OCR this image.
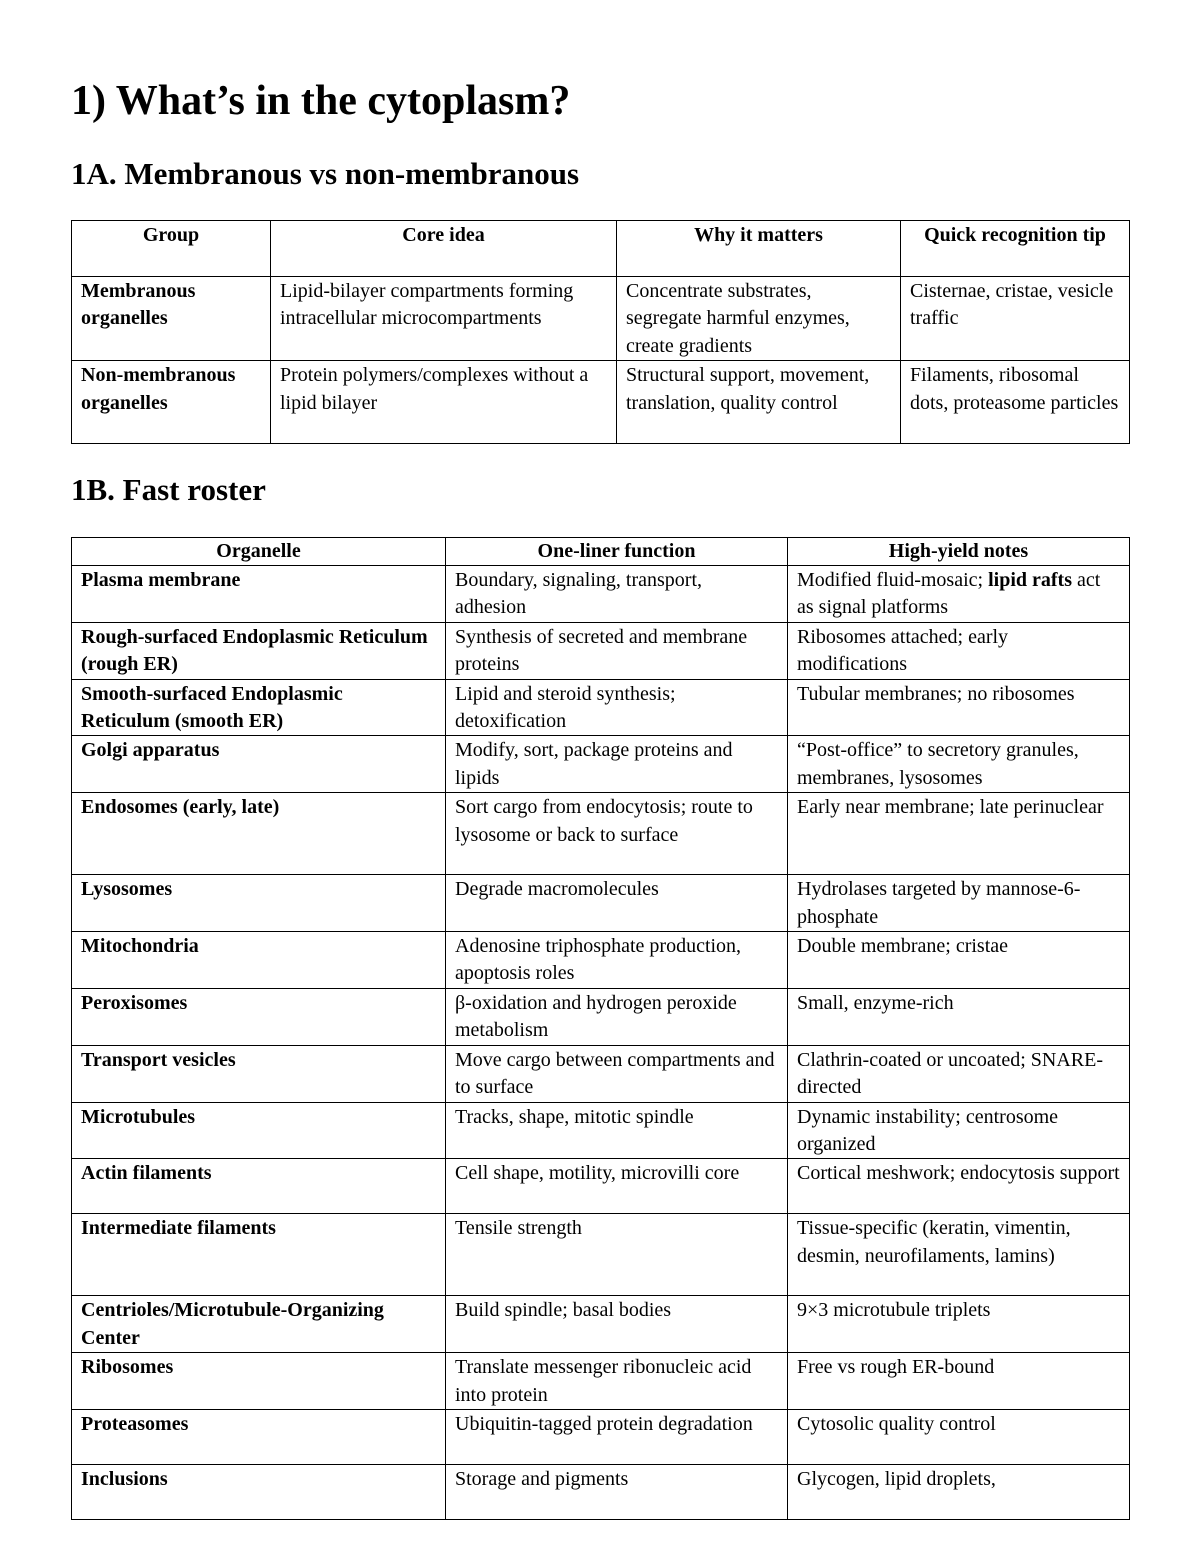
1) What’s in the cytoplasm?
1A. Membranous vs non-membranous
Group	Core idea	Why it matters	Quick recognition tip
Membranous organelles	Lipid-bilayer compartments forming intracellular microcompartments	Concentrate substrates, segregate harmful enzymes, create gradients	Cisternae, cristae, vesicle traffic
Non-membranous organelles	Protein polymers/complexes without a lipid bilayer	Structural support, movement, translation, quality control	Filaments, ribosomal dots, proteasome particles
1B. Fast roster
Organelle	One-liner function	High-yield notes
Plasma membrane	Boundary, signaling, transport, adhesion	Modified fluid-mosaic; lipid rafts act as signal platforms
Rough-surfaced Endoplasmic Reticulum (rough ER)	Synthesis of secreted and membrane proteins	Ribosomes attached; early modifications
Smooth-surfaced Endoplasmic Reticulum (smooth ER)	Lipid and steroid synthesis; detoxification	Tubular membranes; no ribosomes
Golgi apparatus	Modify, sort, package proteins and lipids	“Post-office” to secretory granules, membranes, lysosomes
Endosomes (early, late)	Sort cargo from endocytosis; route to lysosome or back to surface	Early near membrane; late perinuclear
Lysosomes	Degrade macromolecules	Hydrolases targeted by mannose-6-phosphate
Mitochondria	Adenosine triphosphate production, apoptosis roles	Double membrane; cristae
Peroxisomes	β-oxidation and hydrogen peroxide metabolism	Small, enzyme-rich
Transport vesicles	Move cargo between compartments and to surface	Clathrin-coated or uncoated; SNARE-directed
Microtubules	Tracks, shape, mitotic spindle	Dynamic instability; centrosome organized
Actin filaments	Cell shape, motility, microvilli core	Cortical meshwork; endocytosis support
Intermediate filaments	Tensile strength	Tissue-specific (keratin, vimentin, desmin, neurofilaments, lamins)
Centrioles/Microtubule-Organizing Center	Build spindle; basal bodies	9×3 microtubule triplets
Ribosomes	Translate messenger ribonucleic acid into protein	Free vs rough ER-bound
Proteasomes	Ubiquitin-tagged protein degradation	Cytosolic quality control
Inclusions	Storage and pigments	Glycogen, lipid droplets,
